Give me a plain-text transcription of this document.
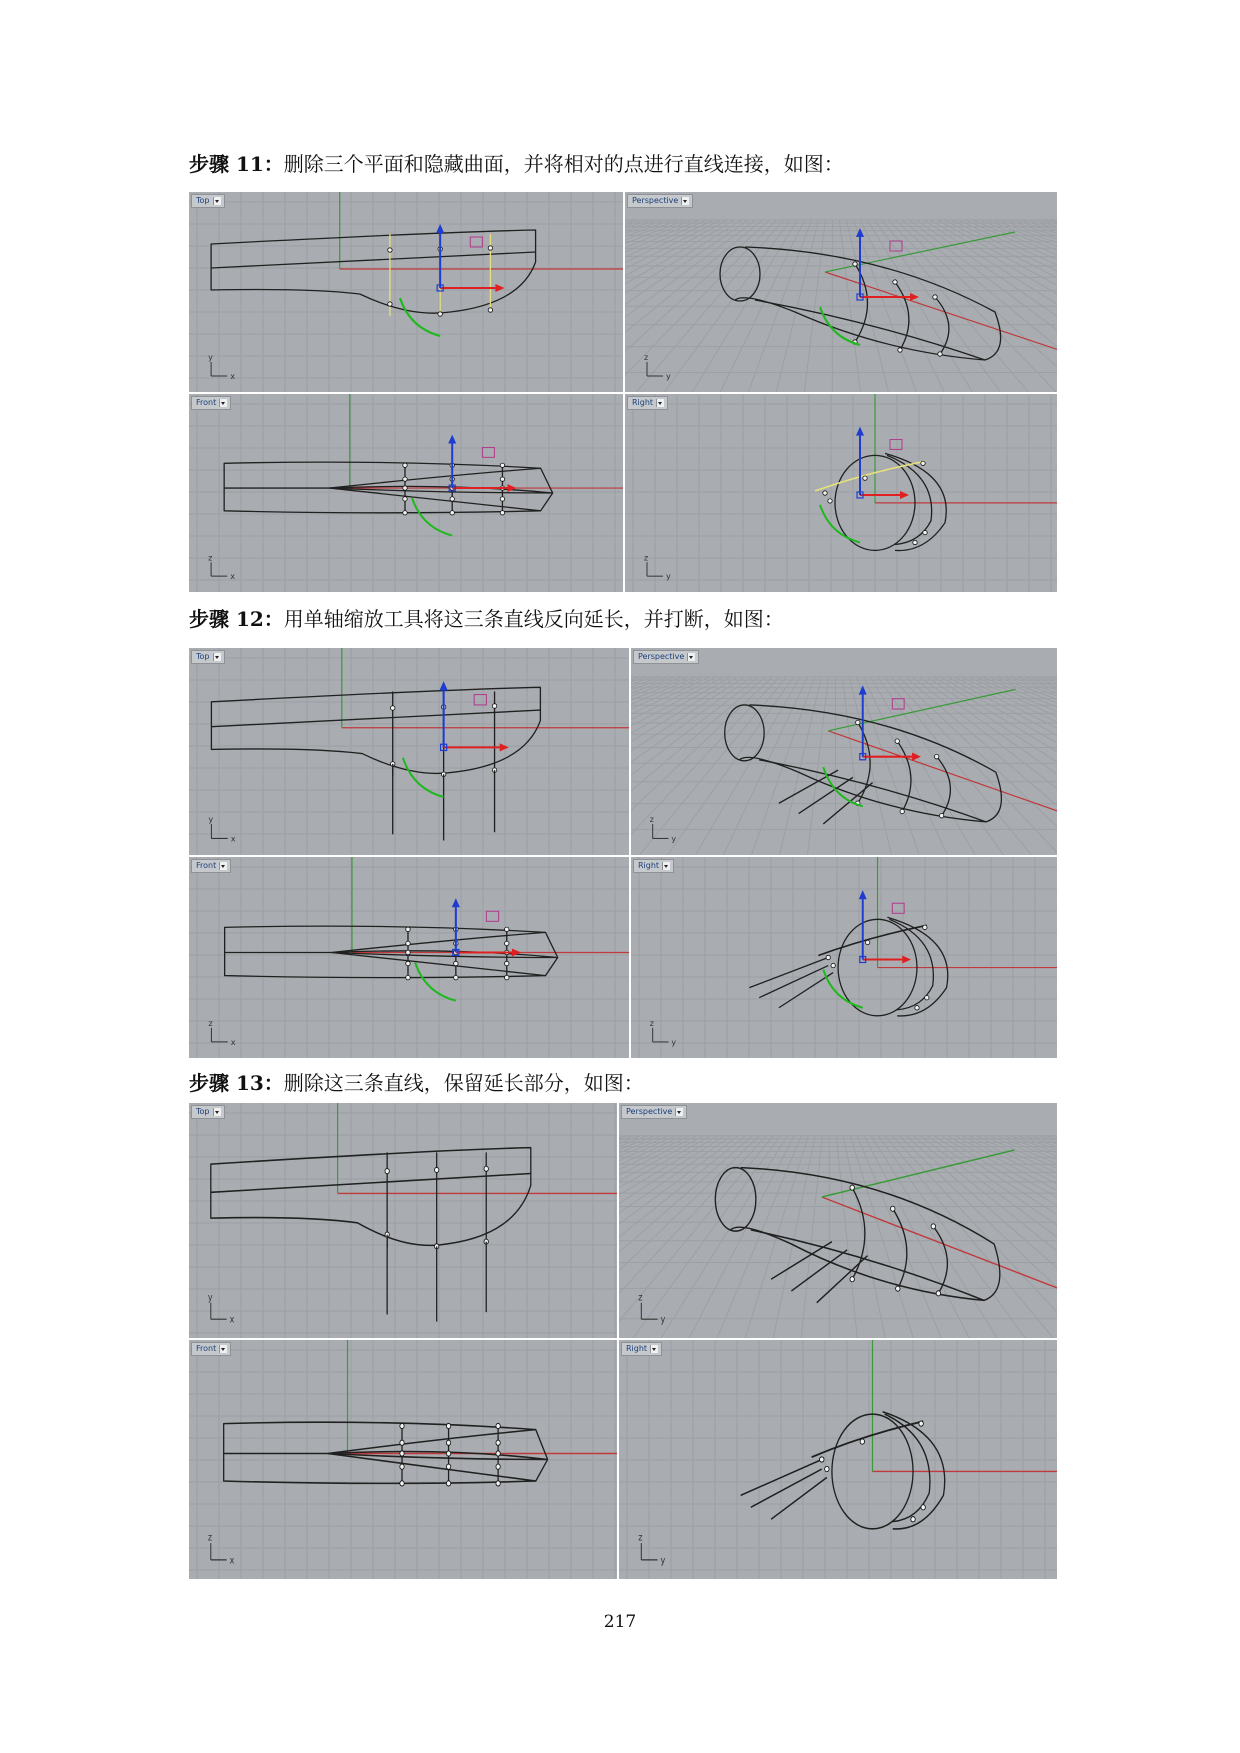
步骤 11：删除三个平面和隐藏曲面，并将相对的点进行直线连接，如图：
y
x
Top
z
y
Perspective
z
x
Front
z
y
Right
步骤 12：用单轴缩放工具将这三条直线反向延长，并打断，如图：
y
x
Top
z
y
Perspective
z
x
Front
z
y
Right
步骤 13：删除这三条直线，保留延长部分，如图：
y
x
Top
z
y
Perspective
z
x
Front
z
y
Right
217
